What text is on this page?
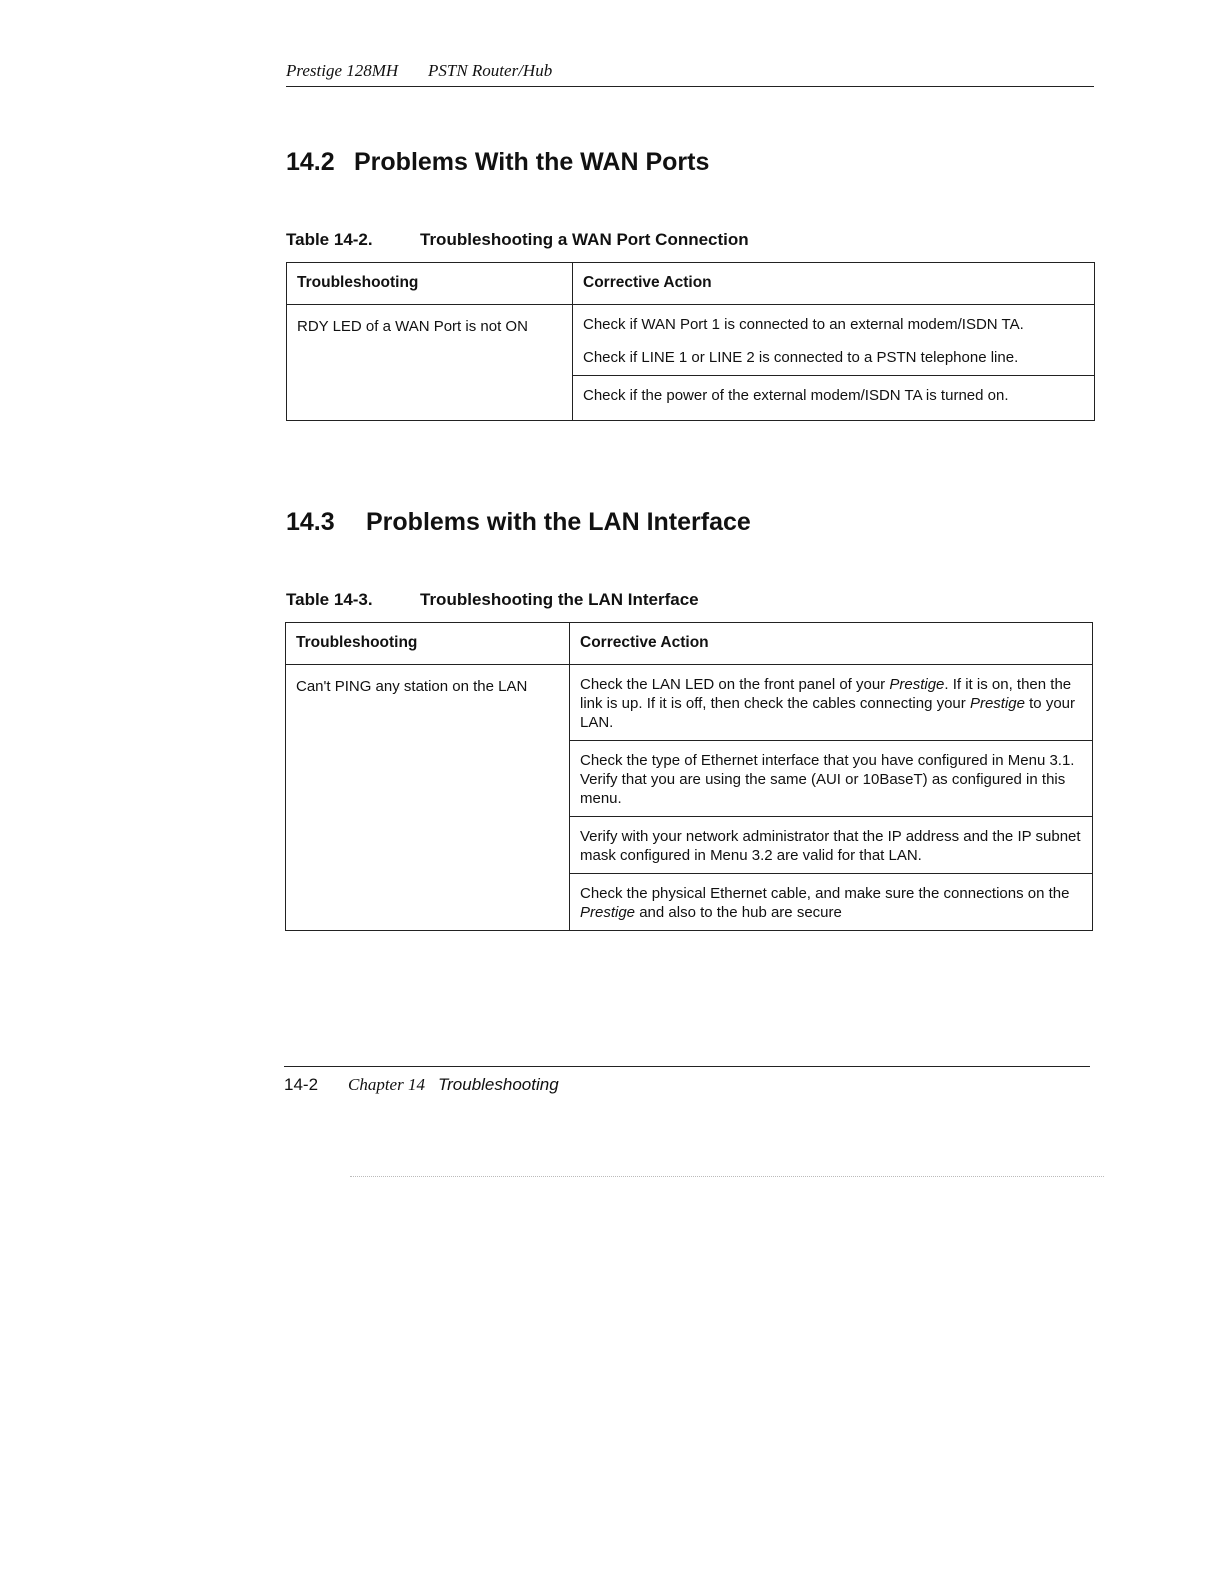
Prestige 128MH PSTN Router/Hub
14.2 Problems With the WAN Ports
Table 14-2.	Troubleshooting a WAN Port Connection
Troubleshooting	Corrective Action
RDY LED of a WAN Port is not ON	Check if WAN Port 1 is connected to an external modem/ISDN TA.
Check if LINE 1 or LINE 2 is connected to a PSTN telephone line.

	Check if the power of the external modem/ISDN TA is turned on.
14.3 Problems with the LAN Interface
Table 14-3.	Troubleshooting the LAN Interface
Troubleshooting	Corrective Action
Can't PING any station on the LAN	Check the LAN LED on the front panel of your Prestige. If it is on, then the link is up. If it is off, then check the cables connecting your Prestige to your LAN.
	Check the type of Ethernet interface that you have configured in Menu 3.1. Verify that you are using the same (AUI or 10BaseT) as configured in this menu.
	Verify with your network administrator that the IP address and the IP subnet mask configured in Menu 3.2 are valid for that LAN.
	Check the physical Ethernet cable, and make sure the connections on the Prestige and also to the hub are secure
14-2 Chapter 14 Troubleshooting
